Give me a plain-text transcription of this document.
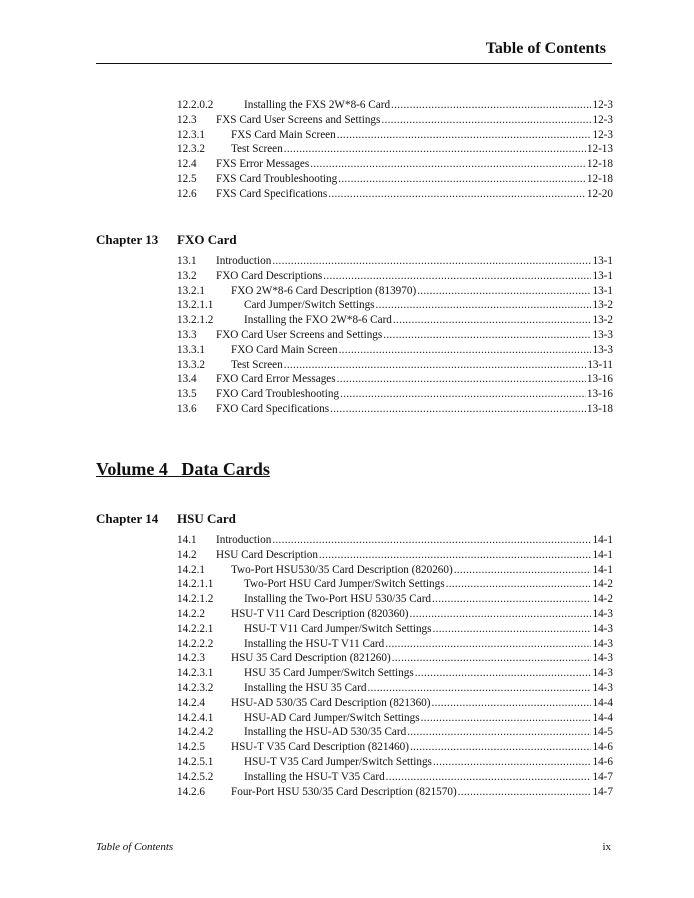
Table of Contents
12.2.0.2	Installing the FXS 2W*8-6 Card .....	12-3
12.3	FXS Card User Screens and Settings .....	12-3
12.3.1	FXS Card Main Screen .....	12-3
12.3.2	Test Screen .....	12-13
12.4	FXS Error Messages .....	12-18
12.5	FXS Card Troubleshooting .....	12-18
12.6	FXS Card Specifications .....	12-20
Chapter 13 FXO Card
13.1	Introduction .....	13-1
13.2	FXO Card Descriptions .....	13-1
13.2.1	FXO 2W*8-6 Card Description (813970) .....	13-1
13.2.1.1	Card Jumper/Switch Settings .....	13-2
13.2.1.2	Installing the FXO 2W*8-6 Card .....	13-2
13.3	FXO Card User Screens and Settings .....	13-3
13.3.1	FXO Card Main Screen .....	13-3
13.3.2	Test Screen .....	13-11
13.4	FXO Card Error Messages .....	13-16
13.5	FXO Card Troubleshooting .....	13-16
13.6	FXO Card Specifications .....	13-18
Volume 4 Data Cards
Chapter 14 HSU Card
14.1	Introduction .....	14-1
14.2	HSU Card Description .....	14-1
14.2.1	Two-Port HSU530/35 Card Description (820260) .....	14-1
14.2.1.1	Two-Port HSU Card Jumper/Switch Settings .....	14-2
14.2.1.2	Installing the Two-Port HSU 530/35 Card .....	14-2
14.2.2	HSU-T V11 Card Description (820360) .....	14-3
14.2.2.1	HSU-T V11 Card Jumper/Switch Settings .....	14-3
14.2.2.2	Installing the HSU-T V11 Card .....	14-3
14.2.3	HSU 35 Card Description (821260) .....	14-3
14.2.3.1	HSU 35 Card Jumper/Switch Settings .....	14-3
14.2.3.2	Installing the HSU 35 Card .....	14-3
14.2.4	HSU-AD 530/35 Card Description (821360) .....	14-4
14.2.4.1	HSU-AD Card Jumper/Switch Settings .....	14-4
14.2.4.2	Installing the HSU-AD 530/35 Card .....	14-5
14.2.5	HSU-T V35 Card Description (821460) .....	14-6
14.2.5.1	HSU-T V35 Card Jumper/Switch Settings .....	14-6
14.2.5.2	Installing the HSU-T V35 Card .....	14-7
14.2.6	Four-Port HSU 530/35 Card Description (821570) .....	14-7
Table of Contents	ix
